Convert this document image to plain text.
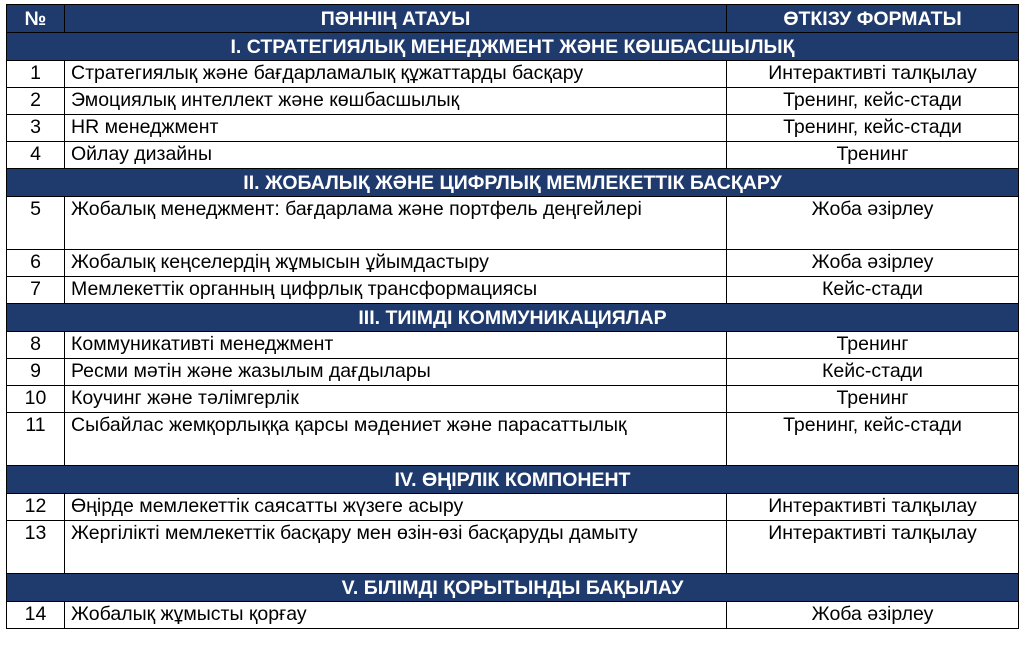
№	ПӘННІҢ АТАУЫ	ӨТКІЗУ ФОРМАТЫ
I. СТРАТЕГИЯЛЫҚ МЕНЕДЖМЕНТ ЖӘНЕ КӨШБАСШЫЛЫҚ		
1	Стратегиялық және бағдарламалық құжаттарды басқару	Интерактивті талқылау
2	Эмоциялық интеллект және көшбасшылық	Тренинг, кейс-стади
3	HR менеджмент	Тренинг, кейс-стади
4	Ойлау дизайны	Тренинг
II. ЖОБАЛЫҚ ЖӘНЕ ЦИФРЛЫҚ МЕМЛЕКЕТТІК БАСҚАРУ		
5	Жобалық менеджмент: бағдарлама және портфель деңгейлері	Жоба әзірлеу
6	Жобалық кеңселердің жұмысын ұйымдастыру	Жоба әзірлеу
7	Мемлекеттік органның цифрлық трансформациясы	Кейс-стади
III. ТИІМДІ КОММУНИКАЦИЯЛАР		
8	Коммуникативті менеджмент	Тренинг
9	Ресми мәтін және жазылым дағдылары	Кейс-стади
10	Коучинг және тәлімгерлік	Тренинг
11	Сыбайлас жемқорлыққа қарсы мәдениет және парасаттылық	Тренинг, кейс-стади
IV. ӨҢІРЛІК КОМПОНЕНТ		
12	Өңірде мемлекеттік саясатты жүзеге асыру	Интерактивті талқылау
13	Жергілікті мемлекеттік басқару мен өзін-өзі басқаруды дамыту	Интерактивті талқылау
V. БІЛІМДІ ҚОРЫТЫНДЫ БАҚЫЛАУ		
14	Жобалық жұмысты қорғау	Жоба әзірлеу
